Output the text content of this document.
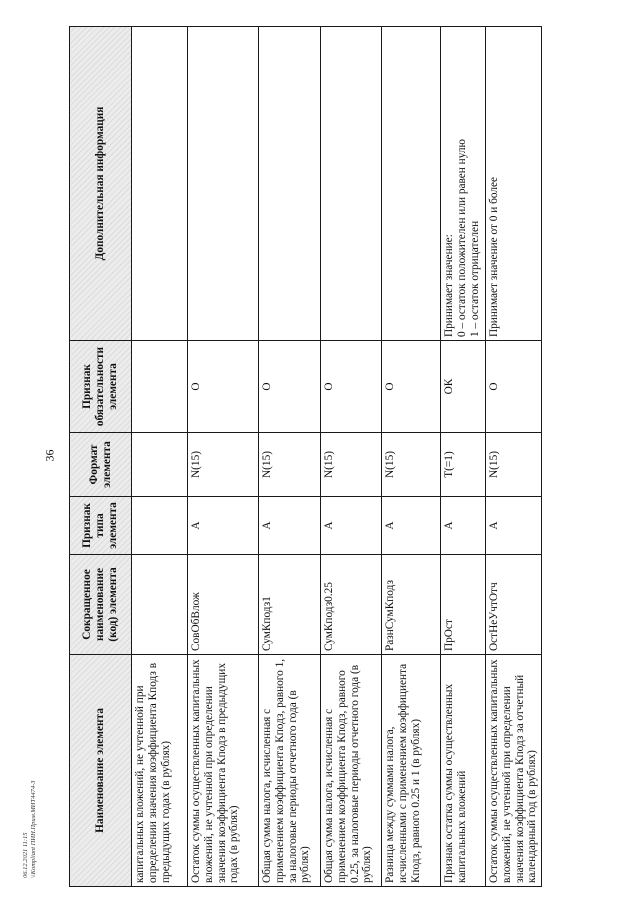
36
06.12.2021 11:15 \\Kompliant ПИН.Прим.МИТ4474-3	Наименование элемента	Сокращенное наименование (код) элемента	Признак типа элемента	Формат элемента	Признак обязательности элемента	Дополнительная информация
капитальных вложений, не учтенной при определении значения коэффициента Кподз в предыдущих годах (в рублях)					
Остаток суммы осуществленных капитальных вложений, не учтенной при определении значения коэффициента Кподз в предыдущих годах (в рублях)	СовОбВлож	А	N(15)	О	
Общая сумма налога, исчисленная с применением коэффициента Кподз, равного 1, за налоговые периоды отчетного года (в рублях)	СумКподз1	А	N(15)	О	
Общая сумма налога, исчисленная с применением коэффициента Кподз, равного 0.25, за налоговые периоды отчетного года (в рублях)	СумКподз0.25	А	N(15)	О	
Разница между суммами налога, исчисленными с применением коэффициента Кподз, равного 0.25 и 1 (в рублях)	РазнСумКподз	А	N(15)	О	
Признак остатка суммы осуществленных капитальных вложений	ПрОст	А	T(=1)	ОК	Принимает значение: 0 – остаток положителен или равен нулю 1 – остаток отрицателен

Остаток суммы осуществленных капитальных вложений, не учтенной при определении значения коэффициента Кподз за отчетный календарный год (в рублях)	ОстНеУчтОтч	А	N(15)	О	Принимает значение от 0 и более
